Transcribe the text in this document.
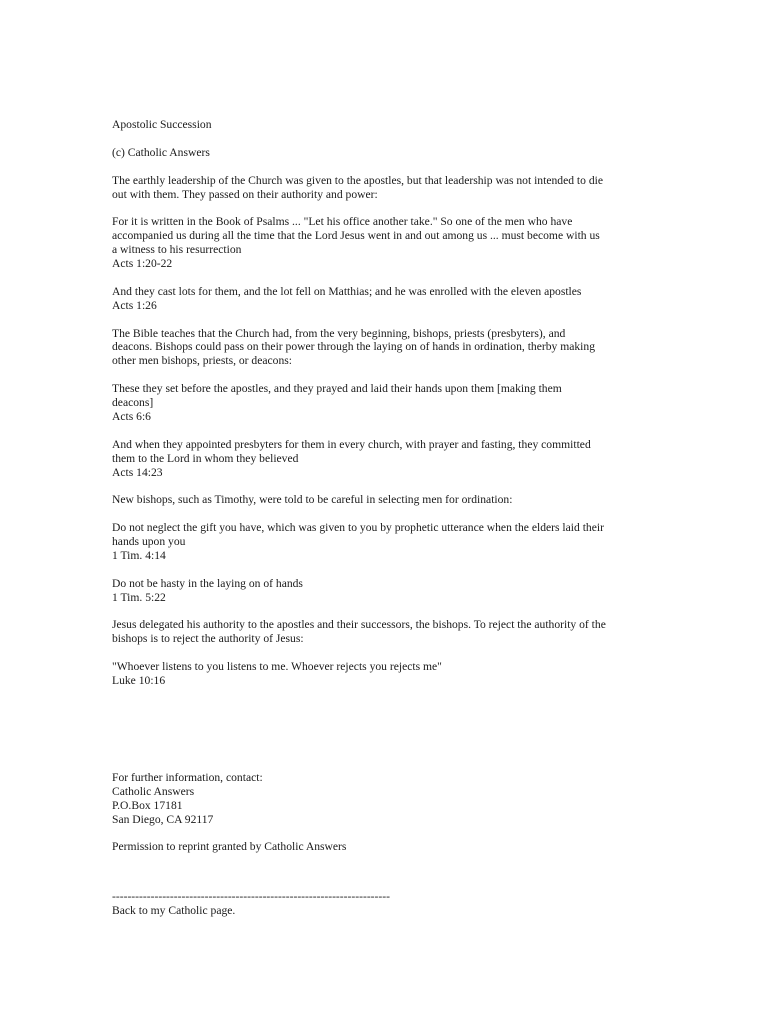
Apostolic Succession
(c) Catholic Answers
The earthly leadership of the Church was given to the apostles, but that leadership was not intended to die
out with them. They passed on their authority and power:
For it is written in the Book of Psalms ... "Let his office another take." So one of the men who have
accompanied us during all the time that the Lord Jesus went in and out among us ... must become with us
a witness to his resurrection
Acts 1:20-22
And they cast lots for them, and the lot fell on Matthias; and he was enrolled with the eleven apostles
Acts 1:26
The Bible teaches that the Church had, from the very beginning, bishops, priests (presbyters), and
deacons. Bishops could pass on their power through the laying on of hands in ordination, therby making
other men bishops, priests, or deacons:
These they set before the apostles, and they prayed and laid their hands upon them [making them
deacons]
Acts 6:6
And when they appointed presbyters for them in every church, with prayer and fasting, they committed
them to the Lord in whom they believed
Acts 14:23
New bishops, such as Timothy, were told to be careful in selecting men for ordination:
Do not neglect the gift you have, which was given to you by prophetic utterance when the elders laid their
hands upon you
1 Tim. 4:14
Do not be hasty in the laying on of hands
1 Tim. 5:22
Jesus delegated his authority to the apostles and their successors, the bishops. To reject the authority of the
bishops is to reject the authority of Jesus:
"Whoever listens to you listens to me. Whoever rejects you rejects me"
Luke 10:16
For further information, contact:
Catholic Answers
P.O.Box 17181
San Diego, CA 92117
Permission to reprint granted by Catholic Answers
------------------------------------------------------------------------
Back to my Catholic page.
